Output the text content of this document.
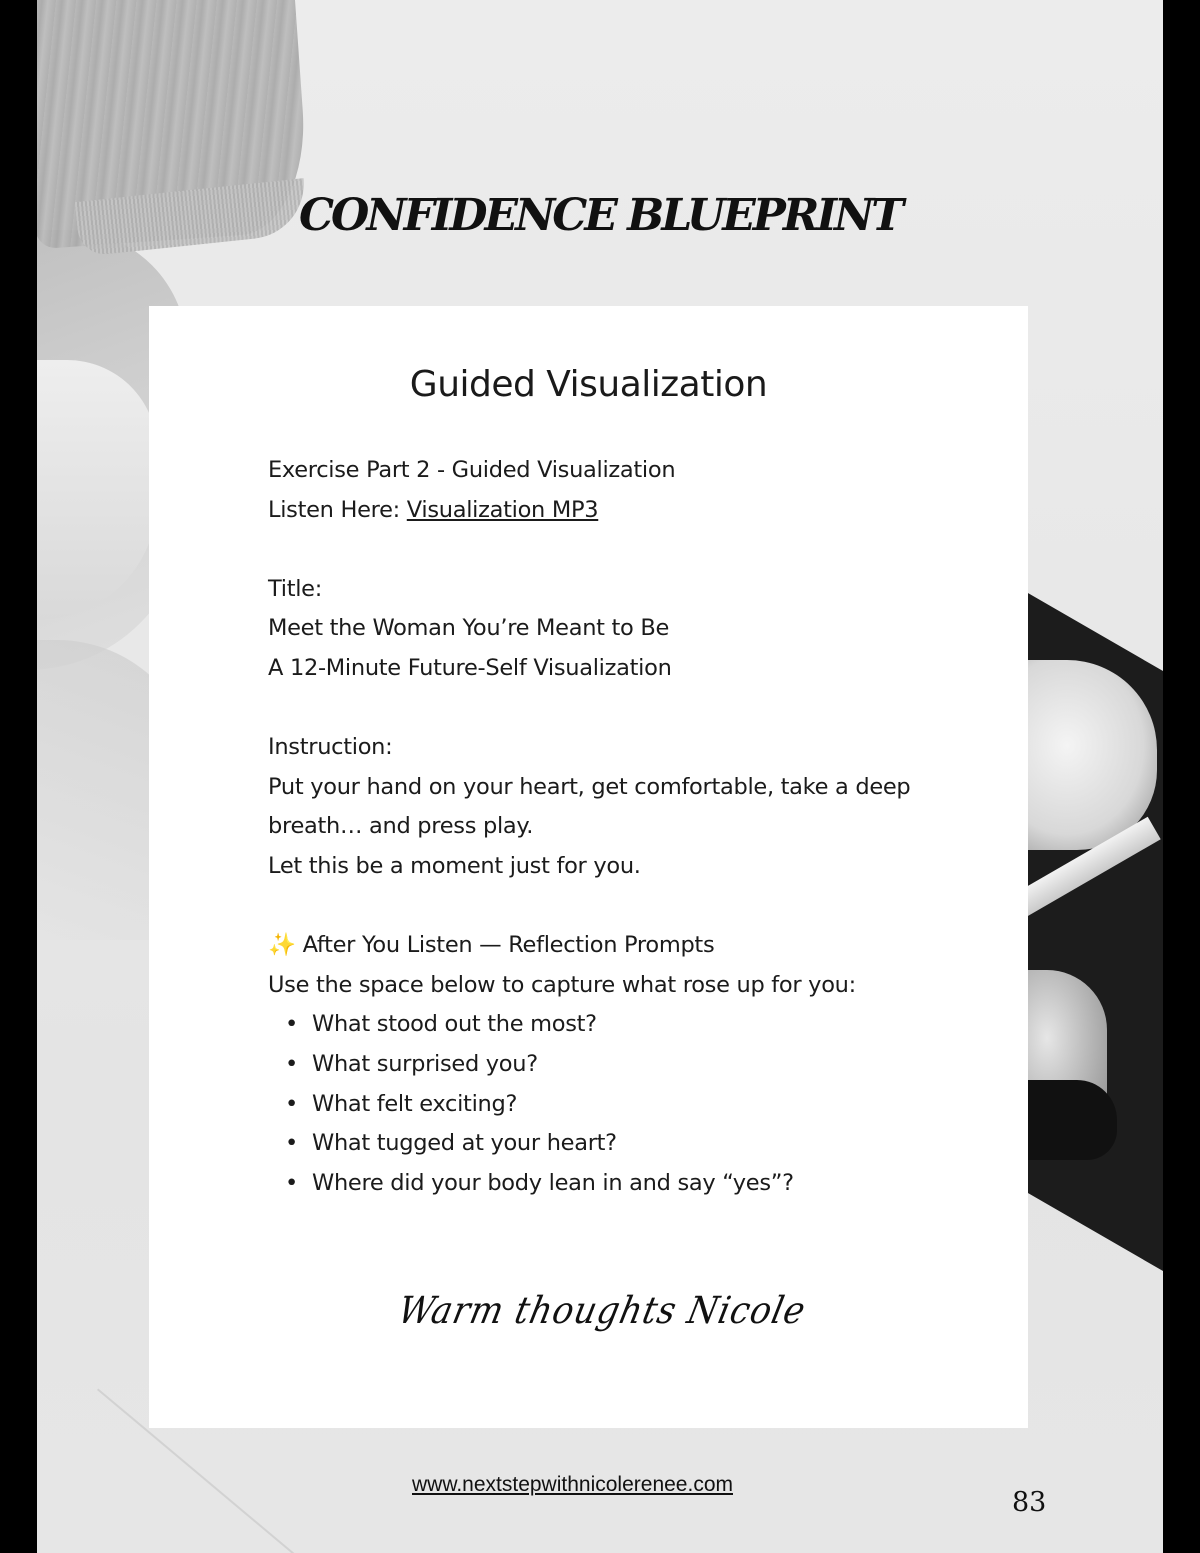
CONFIDENCE BLUEPRINT
Guided Visualization
Exercise Part 2 - Guided Visualization
Listen Here: Visualization MP3
Title:
Meet the Woman You’re Meant to Be
A 12-Minute Future-Self Visualization
Instruction:
Put your hand on your heart, get comfortable, take a deep
breath… and press play.
Let this be a moment just for you.
✨ After You Listen — Reflection Prompts
Use the space below to capture what rose up for you:
• What stood out the most?
• What surprised you?
• What felt exciting?
• What tugged at your heart?
• Where did your body lean in and say “yes”?
Warm thoughts Nicole
www.nextstepwithnicolerenee.com
83
